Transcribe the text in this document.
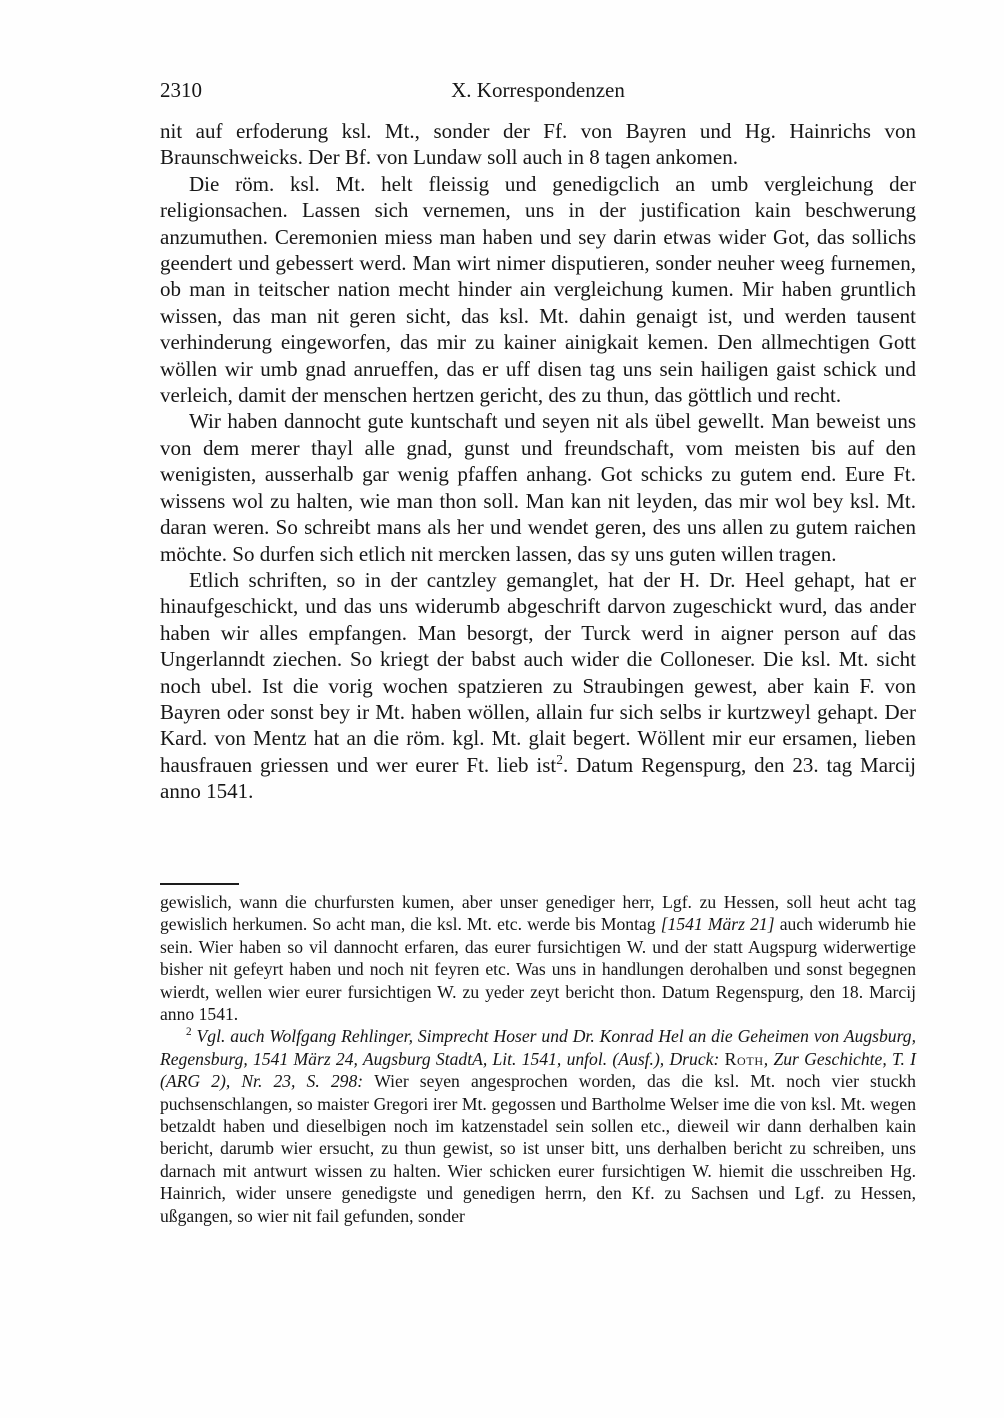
2310	X. Korrespondenzen

nit auf erfoderung ksl. Mt., sonder der Ff. von Bayren und Hg. Hainrichs von Braunschweicks. Der Bf. von Lundaw soll auch in 8 tagen ankomen.

Die röm. ksl. Mt. helt fleissig und genedigclich an umb vergleichung der religionsachen. Lassen sich vernemen, uns in der justification kain beschwerung anzumuthen. Ceremonien miess man haben und sey darin etwas wider Got, das sollichs geendert und gebessert werd. Man wirt nimer disputieren, sonder neuher weeg furnemen, ob man in teitscher nation mecht hinder ain vergleichung kumen. Mir haben gruntlich wissen, das man nit geren sicht, das ksl. Mt. dahin genaigt ist, und werden tausent verhinderung eingeworfen, das mir zu kainer ainigkait kemen. Den allmechtigen Gott wöllen wir umb gnad anrueffen, das er uff disen tag uns sein hailigen gaist schick und verleich, damit der menschen hertzen gericht, des zu thun, das göttlich und recht.

Wir haben dannocht gute kuntschaft und seyen nit als übel gewellt. Man beweist uns von dem merer thayl alle gnad, gunst und freundschaft, vom meisten bis auf den wenigisten, ausserhalb gar wenig pfaffen anhang. Got schicks zu gutem end. Eure Ft. wissens wol zu halten, wie man thon soll. Man kan nit leyden, das mir wol bey ksl. Mt. daran weren. So schreibt mans als her und wendet geren, des uns allen zu gutem raichen möchte. So durfen sich etlich nit mercken lassen, das sy uns guten willen tragen.

Etlich schriften, so in der cantzley gemanglet, hat der H. Dr. Heel gehapt, hat er hinaufgeschickt, und das uns widerumb abgeschrift darvon zugeschickt wurd, das ander haben wir alles empfangen. Man besorgt, der Turck werd in aigner person auf das Ungerlanndt ziechen. So kriegt der babst auch wider die Colloneser. Die ksl. Mt. sicht noch ubel. Ist die vorig wochen spatzieren zu Straubingen gewest, aber kain F. von Bayren oder sonst bey ir Mt. haben wöllen, allain fur sich selbs ir kurtzweyl gehapt. Der Kard. von Mentz hat an die röm. kgl. Mt. glait begert. Wöllent mir eur ersamen, lieben hausfrauen griessen und wer eurer Ft. lieb ist$^2$. Datum Regenspurg, den 23. tag Marcij anno 1541.

gewislich, wann die churfursten kumen, aber unser genediger herr, Lgf. zu Hessen, soll heut acht tag gewislich herkumen. So acht man, die ksl. Mt. etc. werde bis Montag [1541 März 21] auch widerumb hie sein. Wier haben so vil dannocht erfaren, das eurer fursichtigen W. und der statt Augspurg widerwertige bisher nit gefeyrt haben und noch nit feyren etc. Was uns in handlungen derohalben und sonst begegnen wierdt, wellen wier eurer fursichtigen W. zu yeder zeyt bericht thon. Datum Regenspurg, den 18. Marcij anno 1541.

$^2$ Vgl. auch Wolfgang Rehlinger, Simprecht Hoser und Dr. Konrad Hel an die Geheimen von Augsburg, Regensburg, 1541 März 24, Augsburg StadtA, Lit. 1541, unfol. (Ausf.), Druck: Roth, Zur Geschichte, T. I (ARG 2), Nr. 23, S. 298: Wier seyen angesprochen worden, das die ksl. Mt. noch vier stuckh puchsenschlangen, so maister Gregori irer Mt. gegossen und Bartholme Welser ime die von ksl. Mt. wegen betzaldt haben und dieselbigen noch im katzenstadel sein sollen etc., dieweil wir dann derhalben kain bericht, darumb wier ersucht, zu thun gewist, so ist unser bitt, uns derhalben bericht zu schreiben, uns darnach mit antwurt wissen zu halten. Wier schicken eurer fursichtigen W. hiemit die usschreiben Hg. Hainrich, wider unsere genedigste und genedigen herrn, den Kf. zu Sachsen und Lgf. zu Hessen, ußgangen, so wier nit fail gefunden, sonder
